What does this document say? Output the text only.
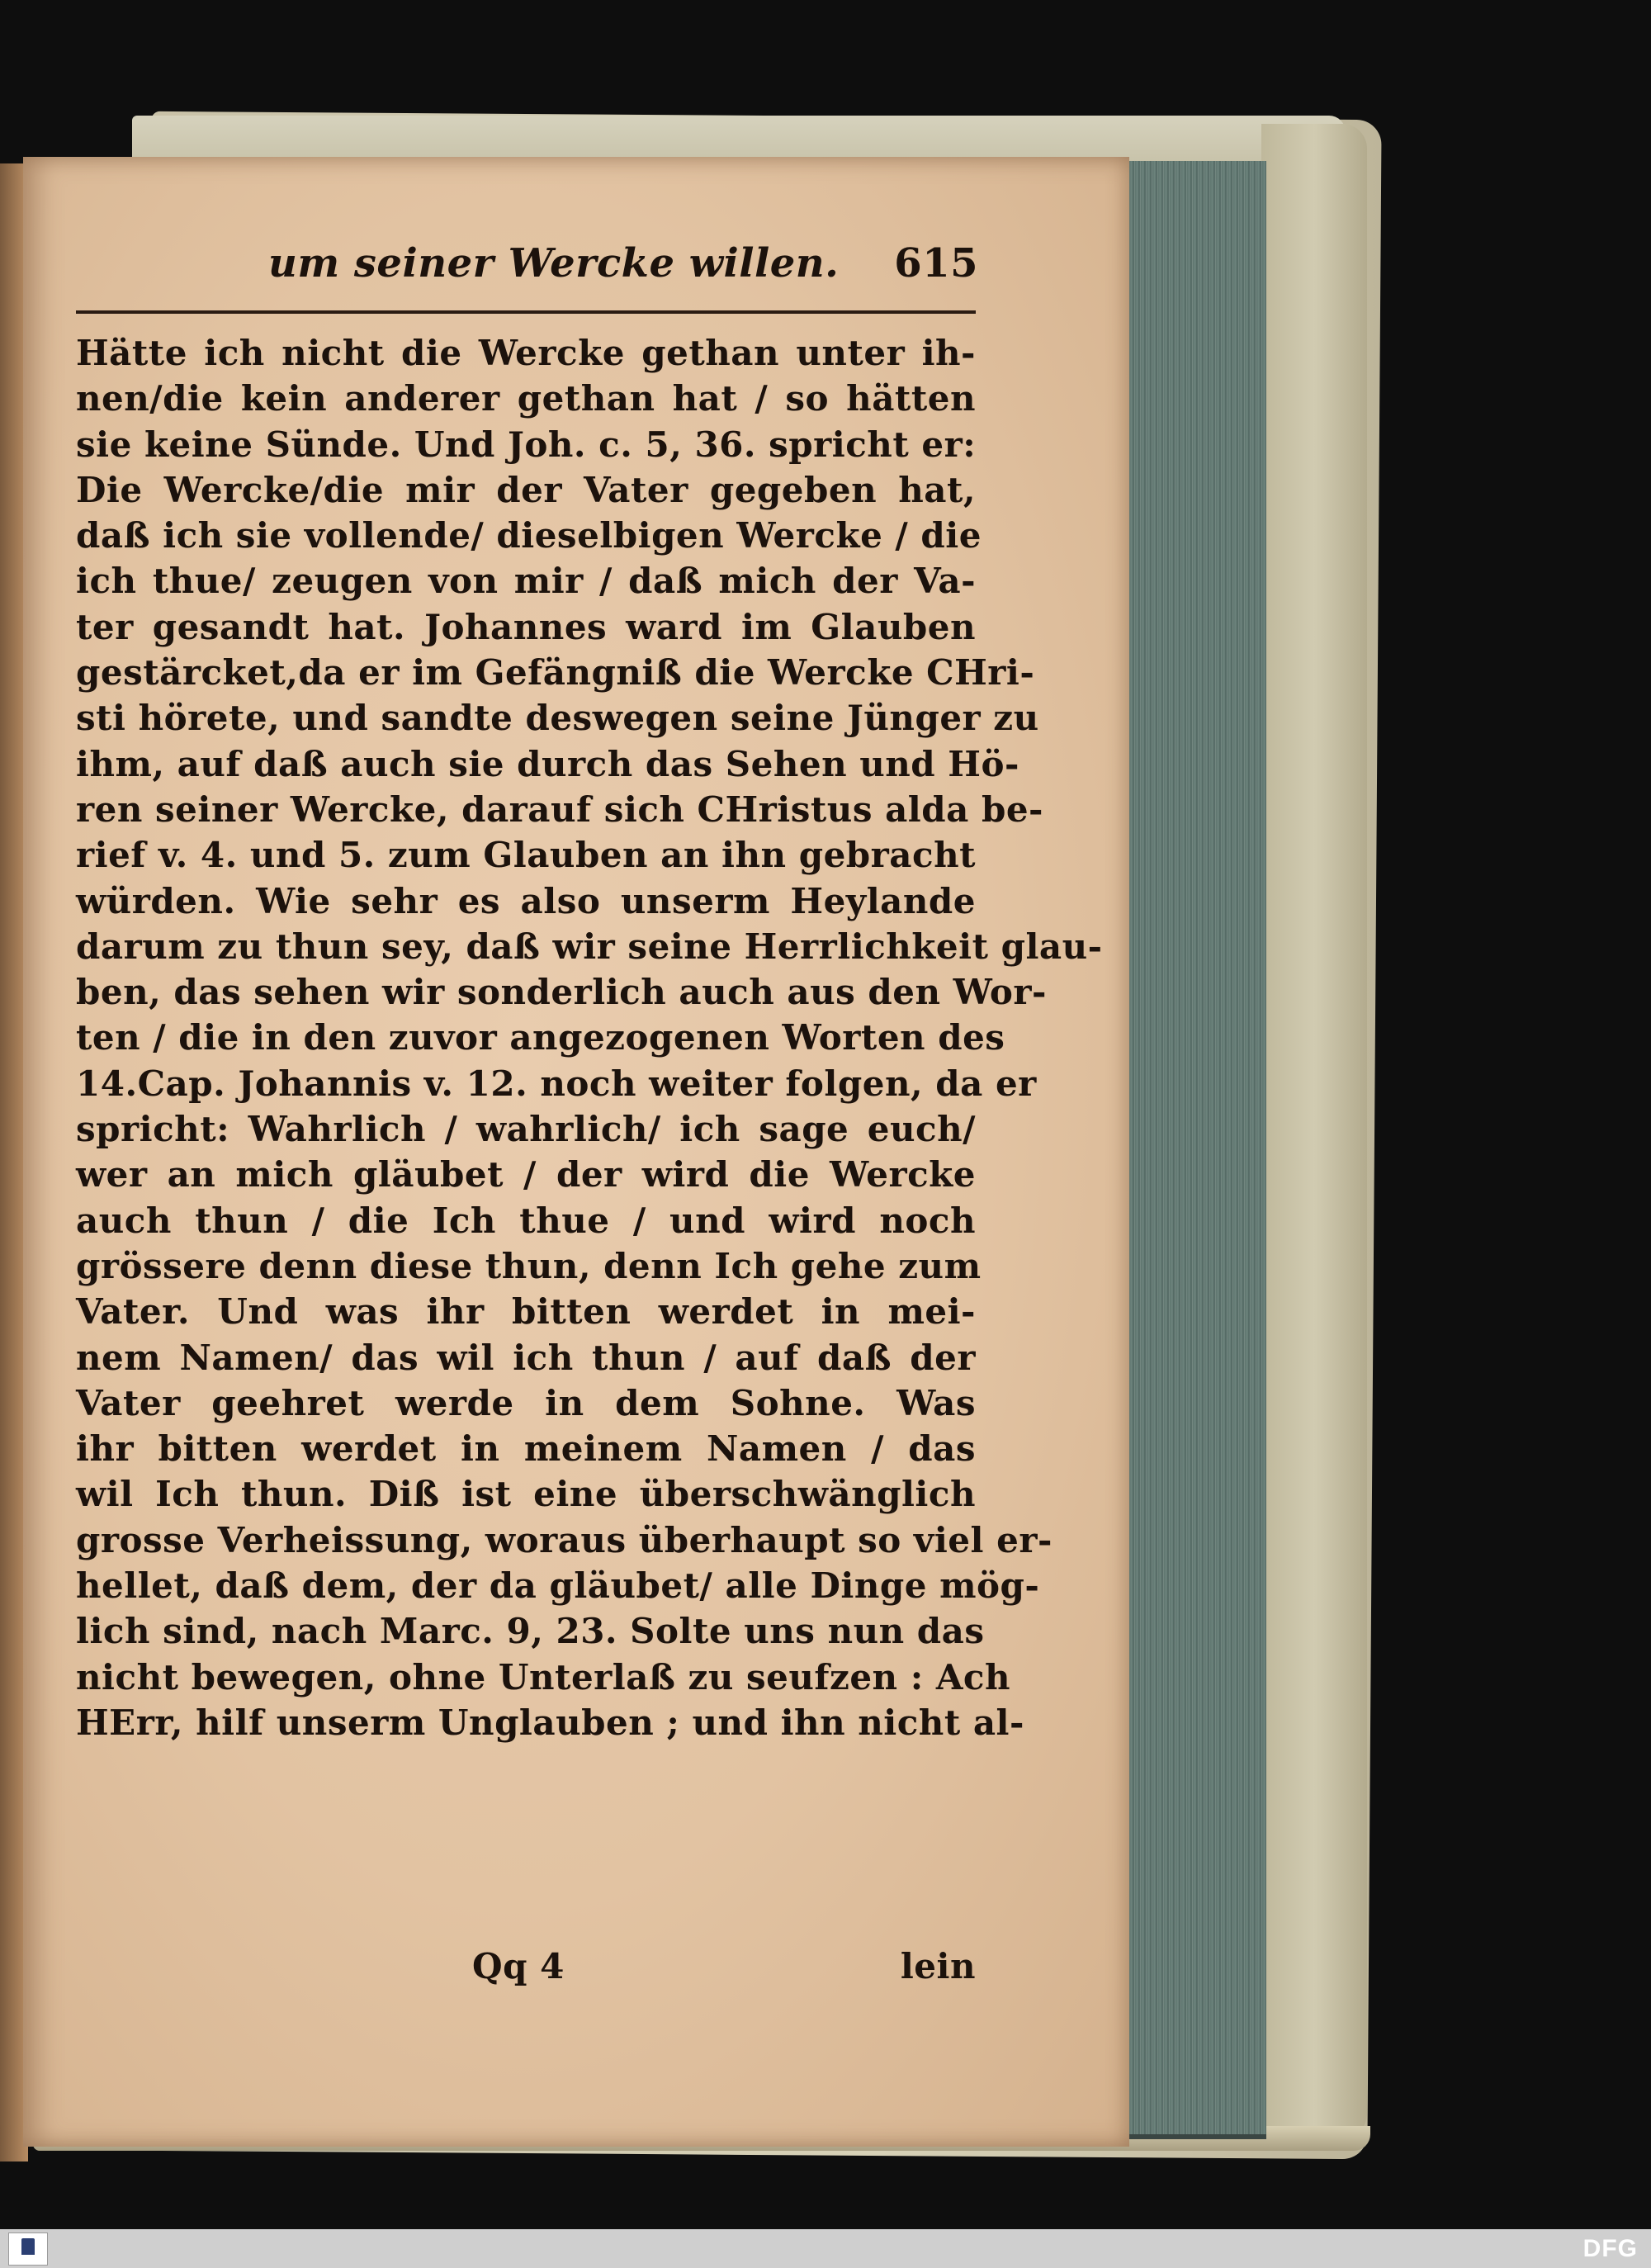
um seiner Wercke willen. 615
Hätte ich nicht die Wercke gethan unter ih-
nen/die kein anderer gethan hat / so hätten
sie keine Sünde. Und Joh. c. 5, 36. spricht er:
Die Wercke/die mir der Vater gegeben hat,
daß ich sie vollende/ dieselbigen Wercke / die
ich thue/ zeugen von mir / daß mich der Va-
ter gesandt hat. Johannes ward im Glauben
gestärcket,da er im Gefängniß die Wercke CHri-
sti hörete, und sandte deswegen seine Jünger zu
ihm, auf daß auch sie durch das Sehen und Hö-
ren seiner Wercke, darauf sich CHristus alda be-
rief v. 4. und 5. zum Glauben an ihn gebracht
würden. Wie sehr es also unserm Heylande
darum zu thun sey, daß wir seine Herrlichkeit glau-
ben, das sehen wir sonderlich auch aus den Wor-
ten / die in den zuvor angezogenen Worten des
14.Cap. Johannis v. 12. noch weiter folgen, da er
spricht: Wahrlich / wahrlich/ ich sage euch/
wer an mich gläubet / der wird die Wercke
auch thun / die Ich thue / und wird noch
grössere denn diese thun, denn Ich gehe zum
Vater. Und was ihr bitten werdet in mei-
nem Namen/ das wil ich thun / auf daß der
Vater geehret werde in dem Sohne. Was
ihr bitten werdet in meinem Namen / das
wil Ich thun. Diß ist eine überschwänglich
grosse Verheissung, woraus überhaupt so viel er-
hellet, daß dem, der da gläubet/ alle Dinge mög-
lich sind, nach Marc. 9, 23. Solte uns nun das
nicht bewegen, ohne Unterlaß zu seufzen : Ach
HErr, hilf unserm Unglauben ; und ihn nicht al-
Qq 4	lein
DFG
